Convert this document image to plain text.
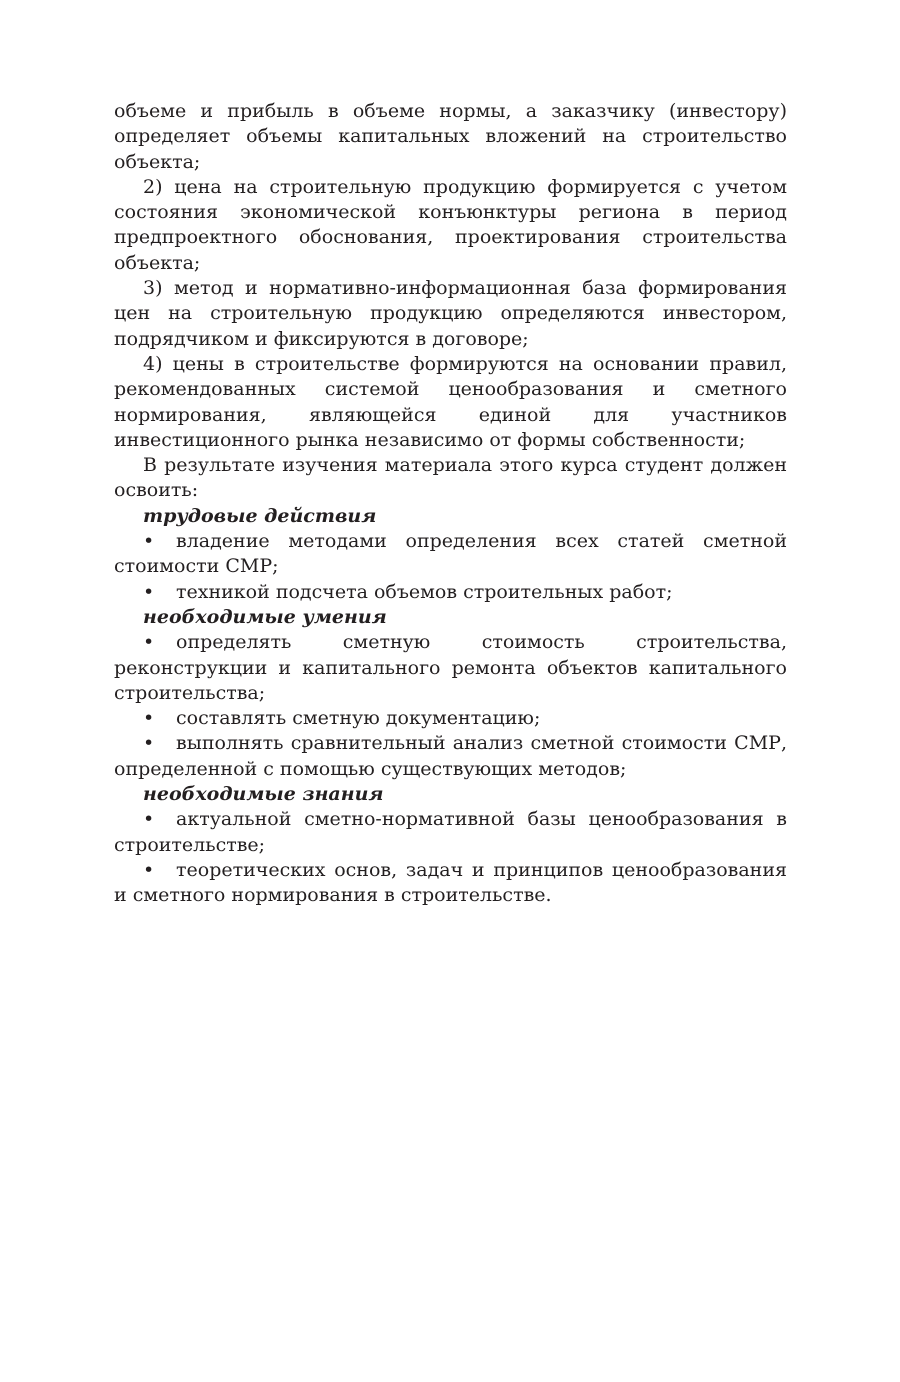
объеме и прибыль в объеме нормы, а заказчику (инвестору) определяет объемы капитальных вложений на строительство объекта;

2) цена на строительную продукцию формируется с учетом состояния экономической конъюнктуры региона в период предпроектного обоснования, проектирования строительства объекта;

3) метод и нормативно-информационная база формирования цен на строительную продукцию определяются инвестором, подрядчиком и фиксируются в договоре;

4) цены в строительстве формируются на основании правил, рекомендованных системой ценообразования и сметного нормирования, являющейся единой для участников инвестиционного рынка независимо от формы собственности;

В результате изучения материала этого курса студент должен освоить:

трудовые действия

• владение методами определения всех статей сметной стоимости СМР;

• техникой подсчета объемов строительных работ;

необходимые умения

• определять сметную стоимость строительства, реконструкции и капитального ремонта объектов капитального строительства;

• составлять сметную документацию;

• выполнять сравнительный анализ сметной стоимости СМР, определенной с помощью существующих методов;

необходимые знания

• актуальной сметно-нормативной базы ценообразования в строительстве;

• теоретических основ, задач и принципов ценообразования и сметного нормирования в строительстве.
